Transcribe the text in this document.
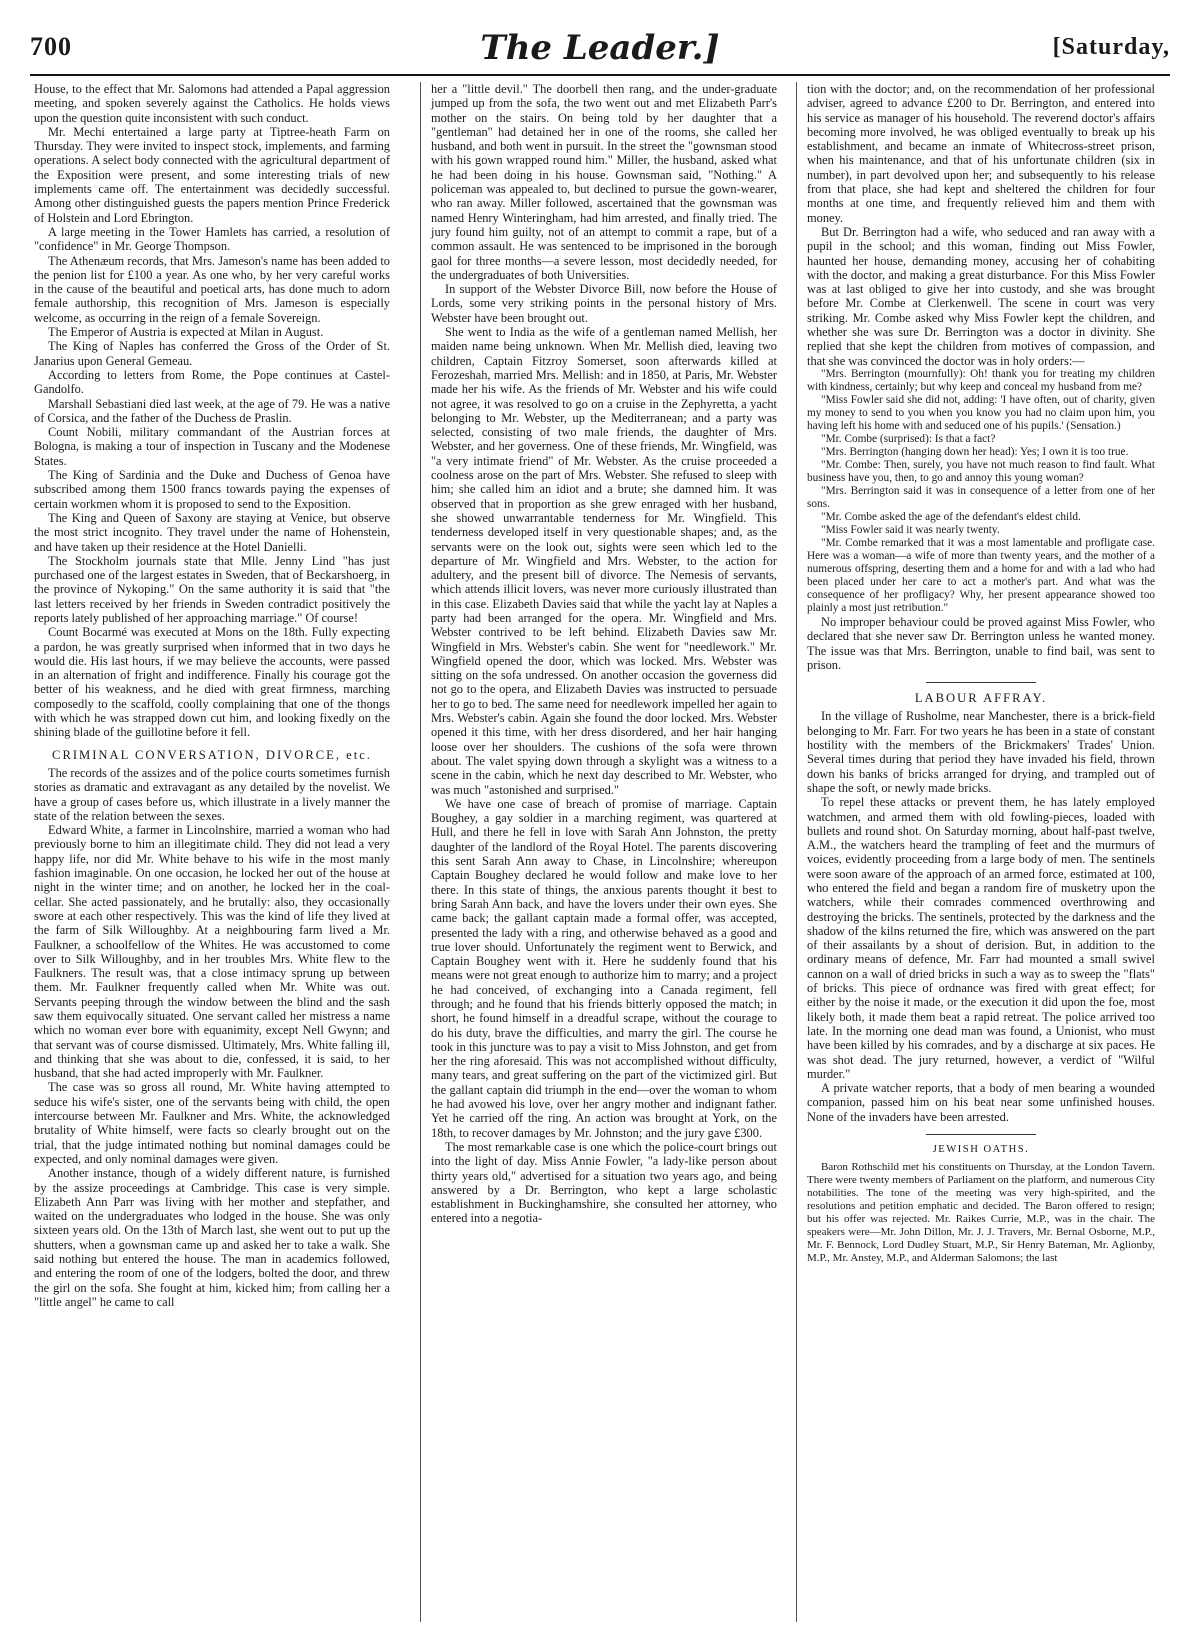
700	The Leader.]	[Saturday,

House, to the effect that Mr. Salomons had attended a Papal aggression meeting, and spoken severely against the Catholics. He holds views upon the question quite inconsistent with such conduct.

Mr. Mechi entertained a large party at Tiptree-heath Farm on Thursday. They were invited to inspect stock, implements, and farming operations. A select body connected with the agricultural department of the Exposition were present, and some interesting trials of new implements came off. The entertainment was decidedly successful. Among other distinguished guests the papers mention Prince Frederick of Holstein and Lord Ebrington.

A large meeting in the Tower Hamlets has carried, a resolution of "confidence" in Mr. George Thompson.

The Athenæum records, that Mrs. Jameson's name has been added to the penion list for £100 a year. As one who, by her very careful works in the cause of the beautiful and poetical arts, has done much to adorn female authorship, this recognition of Mrs. Jameson is especially welcome, as occurring in the reign of a female Sovereign.

The Emperor of Austria is expected at Milan in August.

The King of Naples has conferred the Gross of the Order of St. Janarius upon General Gemeau.

According to letters from Rome, the Pope continues at Castel-Gandolfo.

Marshall Sebastiani died last week, at the age of 79. He was a native of Corsica, and the father of the Duchess de Praslin.

Count Nobili, military commandant of the Austrian forces at Bologna, is making a tour of inspection in Tuscany and the Modenese States.

The King of Sardinia and the Duke and Duchess of Genoa have subscribed among them 1500 francs towards paying the expenses of certain workmen whom it is proposed to send to the Exposition.

The King and Queen of Saxony are staying at Venice, but observe the most strict incognito. They travel under the name of Hohenstein, and have taken up their residence at the Hotel Danielli.

The Stockholm journals state that Mlle. Jenny Lind "has just purchased one of the largest estates in Sweden, that of Beckarshoerg, in the province of Nykoping." On the same authority it is said that "the last letters received by her friends in Sweden contradict positively the reports lately published of her approaching marriage." Of course!

Count Bocarmé was executed at Mons on the 18th. Fully expecting a pardon, he was greatly surprised when informed that in two days he would die. His last hours, if we may believe the accounts, were passed in an alternation of fright and indifference. Finally his courage got the better of his weakness, and he died with great firmness, marching composedly to the scaffold, coolly complaining that one of the thongs with which he was strapped down cut him, and looking fixedly on the shining blade of the guillotine before it fell.

CRIMINAL CONVERSATION, DIVORCE, etc.

The records of the assizes and of the police courts sometimes furnish stories as dramatic and extravagant as any detailed by the novelist. We have a group of cases before us, which illustrate in a lively manner the state of the relation between the sexes.

Edward White, a farmer in Lincolnshire, married a woman who had previously borne to him an illegitimate child. They did not lead a very happy life, nor did Mr. White behave to his wife in the most manly fashion imaginable. On one occasion, he locked her out of the house at night in the winter time; and on another, he locked her in the coal-cellar. She acted passionately, and he brutally: also, they occasionally swore at each other respectively. This was the kind of life they lived at the farm of Silk Willoughby. At a neighbouring farm lived a Mr. Faulkner, a schoolfellow of the Whites. He was accustomed to come over to Silk Willoughby, and in her troubles Mrs. White flew to the Faulkners. The result was, that a close intimacy sprung up between them. Mr. Faulkner frequently called when Mr. White was out. Servants peeping through the window between the blind and the sash saw them equivocally situated. One servant called her mistress a name which no woman ever bore with equanimity, except Nell Gwynn; and that servant was of course dismissed. Ultimately, Mrs. White falling ill, and thinking that she was about to die, confessed, it is said, to her husband, that she had acted improperly with Mr. Faulkner.

The case was so gross all round, Mr. White having attempted to seduce his wife's sister, one of the servants being with child, the open intercourse between Mr. Faulkner and Mrs. White, the acknowledged brutality of White himself, were facts so clearly brought out on the trial, that the judge intimated nothing but nominal damages could be expected, and only nominal damages were given.

Another instance, though of a widely different nature, is furnished by the assize proceedings at Cambridge. This case is very simple. Elizabeth Ann Parr was living with her mother and stepfather, and waited on the undergraduates who lodged in the house. She was only sixteen years old. On the 13th of March last, she went out to put up the shutters, when a gownsman came up and asked her to take a walk. She said nothing but entered the house. The man in academics followed, and entering the room of one of the lodgers, bolted the door, and threw the girl on the sofa. She fought at him, kicked him; from calling her a "little angel" he came to call

her a "little devil." The doorbell then rang, and the under-graduate jumped up from the sofa, the two went out and met Elizabeth Parr's mother on the stairs. On being told by her daughter that a "gentleman" had detained her in one of the rooms, she called her husband, and both went in pursuit. In the street the "gownsman stood with his gown wrapped round him." Miller, the husband, asked what he had been doing in his house. Gownsman said, "Nothing." A policeman was appealed to, but declined to pursue the gown-wearer, who ran away. Miller followed, ascertained that the gownsman was named Henry Winteringham, had him arrested, and finally tried. The jury found him guilty, not of an attempt to commit a rape, but of a common assault. He was sentenced to be imprisoned in the borough gaol for three months—a severe lesson, most decidedly needed, for the undergraduates of both Universities.

In support of the Webster Divorce Bill, now before the House of Lords, some very striking points in the personal history of Mrs. Webster have been brought out.

She went to India as the wife of a gentleman named Mellish, her maiden name being unknown. When Mr. Mellish died, leaving two children, Captain Fitzroy Somerset, soon afterwards killed at Ferozeshah, married Mrs. Mellish: and in 1850, at Paris, Mr. Webster made her his wife. As the friends of Mr. Webster and his wife could not agree, it was resolved to go on a cruise in the Zephyretta, a yacht belonging to Mr. Webster, up the Mediterranean; and a party was selected, consisting of two male friends, the daughter of Mrs. Webster, and her governess. One of these friends, Mr. Wingfield, was "a very intimate friend" of Mr. Webster. As the cruise proceeded a coolness arose on the part of Mrs. Webster. She refused to sleep with him; she called him an idiot and a brute; she damned him. It was observed that in proportion as she grew enraged with her husband, she showed unwarrantable tenderness for Mr. Wingfield. This tenderness developed itself in very questionable shapes; and, as the servants were on the look out, sights were seen which led to the departure of Mr. Wingfield and Mrs. Webster, to the action for adultery, and the present bill of divorce. The Nemesis of servants, which attends illicit lovers, was never more curiously illustrated than in this case. Elizabeth Davies said that while the yacht lay at Naples a party had been arranged for the opera. Mr. Wingfield and Mrs. Webster contrived to be left behind. Elizabeth Davies saw Mr. Wingfield in Mrs. Webster's cabin. She went for "needlework." Mr. Wingfield opened the door, which was locked. Mrs. Webster was sitting on the sofa undressed. On another occasion the governess did not go to the opera, and Elizabeth Davies was instructed to persuade her to go to bed. The same need for needlework impelled her again to Mrs. Webster's cabin. Again she found the door locked. Mrs. Webster opened it this time, with her dress disordered, and her hair hanging loose over her shoulders. The cushions of the sofa were thrown about. The valet spying down through a skylight was a witness to a scene in the cabin, which he next day described to Mr. Webster, who was much "astonished and surprised."

We have one case of breach of promise of marriage. Captain Boughey, a gay soldier in a marching regiment, was quartered at Hull, and there he fell in love with Sarah Ann Johnston, the pretty daughter of the landlord of the Royal Hotel. The parents discovering this sent Sarah Ann away to Chase, in Lincolnshire; whereupon Captain Boughey declared he would follow and make love to her there. In this state of things, the anxious parents thought it best to bring Sarah Ann back, and have the lovers under their own eyes. She came back; the gallant captain made a formal offer, was accepted, presented the lady with a ring, and otherwise behaved as a good and true lover should. Unfortunately the regiment went to Berwick, and Captain Boughey went with it. Here he suddenly found that his means were not great enough to authorize him to marry; and a project he had conceived, of exchanging into a Canada regiment, fell through; and he found that his friends bitterly opposed the match; in short, he found himself in a dreadful scrape, without the courage to do his duty, brave the difficulties, and marry the girl. The course he took in this juncture was to pay a visit to Miss Johnston, and get from her the ring aforesaid. This was not accomplished without difficulty, many tears, and great suffering on the part of the victimized girl. But the gallant captain did triumph in the end—over the woman to whom he had avowed his love, over her angry mother and indignant father. Yet he carried off the ring. An action was brought at York, on the 18th, to recover damages by Mr. Johnston; and the jury gave £300.

The most remarkable case is one which the police-court brings out into the light of day. Miss Annie Fowler, "a lady-like person about thirty years old," advertised for a situation two years ago, and being answered by a Dr. Berrington, who kept a large scholastic establishment in Buckinghamshire, she consulted her attorney, who entered into a negotia-

tion with the doctor; and, on the recommendation of her professional adviser, agreed to advance £200 to Dr. Berrington, and entered into his service as manager of his household. The reverend doctor's affairs becoming more involved, he was obliged eventually to break up his establishment, and became an inmate of Whitecross-street prison, when his maintenance, and that of his unfortunate children (six in number), in part devolved upon her; and subsequently to his release from that place, she had kept and sheltered the children for four months at one time, and frequently relieved him and them with money.

But Dr. Berrington had a wife, who seduced and ran away with a pupil in the school; and this woman, finding out Miss Fowler, haunted her house, demanding money, accusing her of cohabiting with the doctor, and making a great disturbance. For this Miss Fowler was at last obliged to give her into custody, and she was brought before Mr. Combe at Clerkenwell. The scene in court was very striking. Mr. Combe asked why Miss Fowler kept the children, and whether she was sure Dr. Berrington was a doctor in divinity. She replied that she kept the children from motives of compassion, and that she was convinced the doctor was in holy orders:—

"Mrs. Berrington (mournfully): Oh! thank you for treating my children with kindness, certainly; but why keep and conceal my husband from me?

"Miss Fowler said she did not, adding: 'I have often, out of charity, given my money to send to you when you know you had no claim upon him, you having left his home with and seduced one of his pupils.' (Sensation.)

"Mr. Combe (surprised): Is that a fact?

"Mrs. Berrington (hanging down her head): Yes; I own it is too true.

"Mr. Combe: Then, surely, you have not much reason to find fault. What business have you, then, to go and annoy this young woman?

"Mrs. Berrington said it was in consequence of a letter from one of her sons.

"Mr. Combe asked the age of the defendant's eldest child.

"Miss Fowler said it was nearly twenty.

"Mr. Combe remarked that it was a most lamentable and profligate case. Here was a woman—a wife of more than twenty years, and the mother of a numerous offspring, deserting them and a home for and with a lad who had been placed under her care to act a mother's part. And what was the consequence of her profligacy? Why, her present appearance showed too plainly a most just retribution."

No improper behaviour could be proved against Miss Fowler, who declared that she never saw Dr. Berrington unless he wanted money. The issue was that Mrs. Berrington, unable to find bail, was sent to prison.

LABOUR AFFRAY.

In the village of Rusholme, near Manchester, there is a brick-field belonging to Mr. Farr. For two years he has been in a state of constant hostility with the members of the Brickmakers' Trades' Union. Several times during that period they have invaded his field, thrown down his banks of bricks arranged for drying, and trampled out of shape the soft, or newly made bricks.

To repel these attacks or prevent them, he has lately employed watchmen, and armed them with old fowling-pieces, loaded with bullets and round shot. On Saturday morning, about half-past twelve, A.M., the watchers heard the trampling of feet and the murmurs of voices, evidently proceeding from a large body of men. The sentinels were soon aware of the approach of an armed force, estimated at 100, who entered the field and began a random fire of musketry upon the watchers, while their comrades commenced overthrowing and destroying the bricks. The sentinels, protected by the darkness and the shadow of the kilns returned the fire, which was answered on the part of their assailants by a shout of derision. But, in addition to the ordinary means of defence, Mr. Farr had mounted a small swivel cannon on a wall of dried bricks in such a way as to sweep the "flats" of bricks. This piece of ordnance was fired with great effect; for either by the noise it made, or the execution it did upon the foe, most likely both, it made them beat a rapid retreat. The police arrived too late. In the morning one dead man was found, a Unionist, who must have been killed by his comrades, and by a discharge at six paces. He was shot dead. The jury returned, however, a verdict of "Wilful murder."

A private watcher reports, that a body of men bearing a wounded companion, passed him on his beat near some unfinished houses. None of the invaders have been arrested.

JEWISH OATHS.

Baron Rothschild met his constituents on Thursday, at the London Tavern. There were twenty members of Parliament on the platform, and numerous City notabilities. The tone of the meeting was very high-spirited, and the resolutions and petition emphatic and decided. The Baron offered to resign; but his offer was rejected. Mr. Raikes Currie, M.P., was in the chair. The speakers were—Mr. John Dillon, Mr. J. J. Travers, Mr. Bernal Osborne, M.P., Mr. F. Bennock, Lord Dudley Stuart, M.P., Sir Henry Bateman, Mr. Aglionby, M.P., Mr. Anstey, M.P., and Alderman Salomons; the last
